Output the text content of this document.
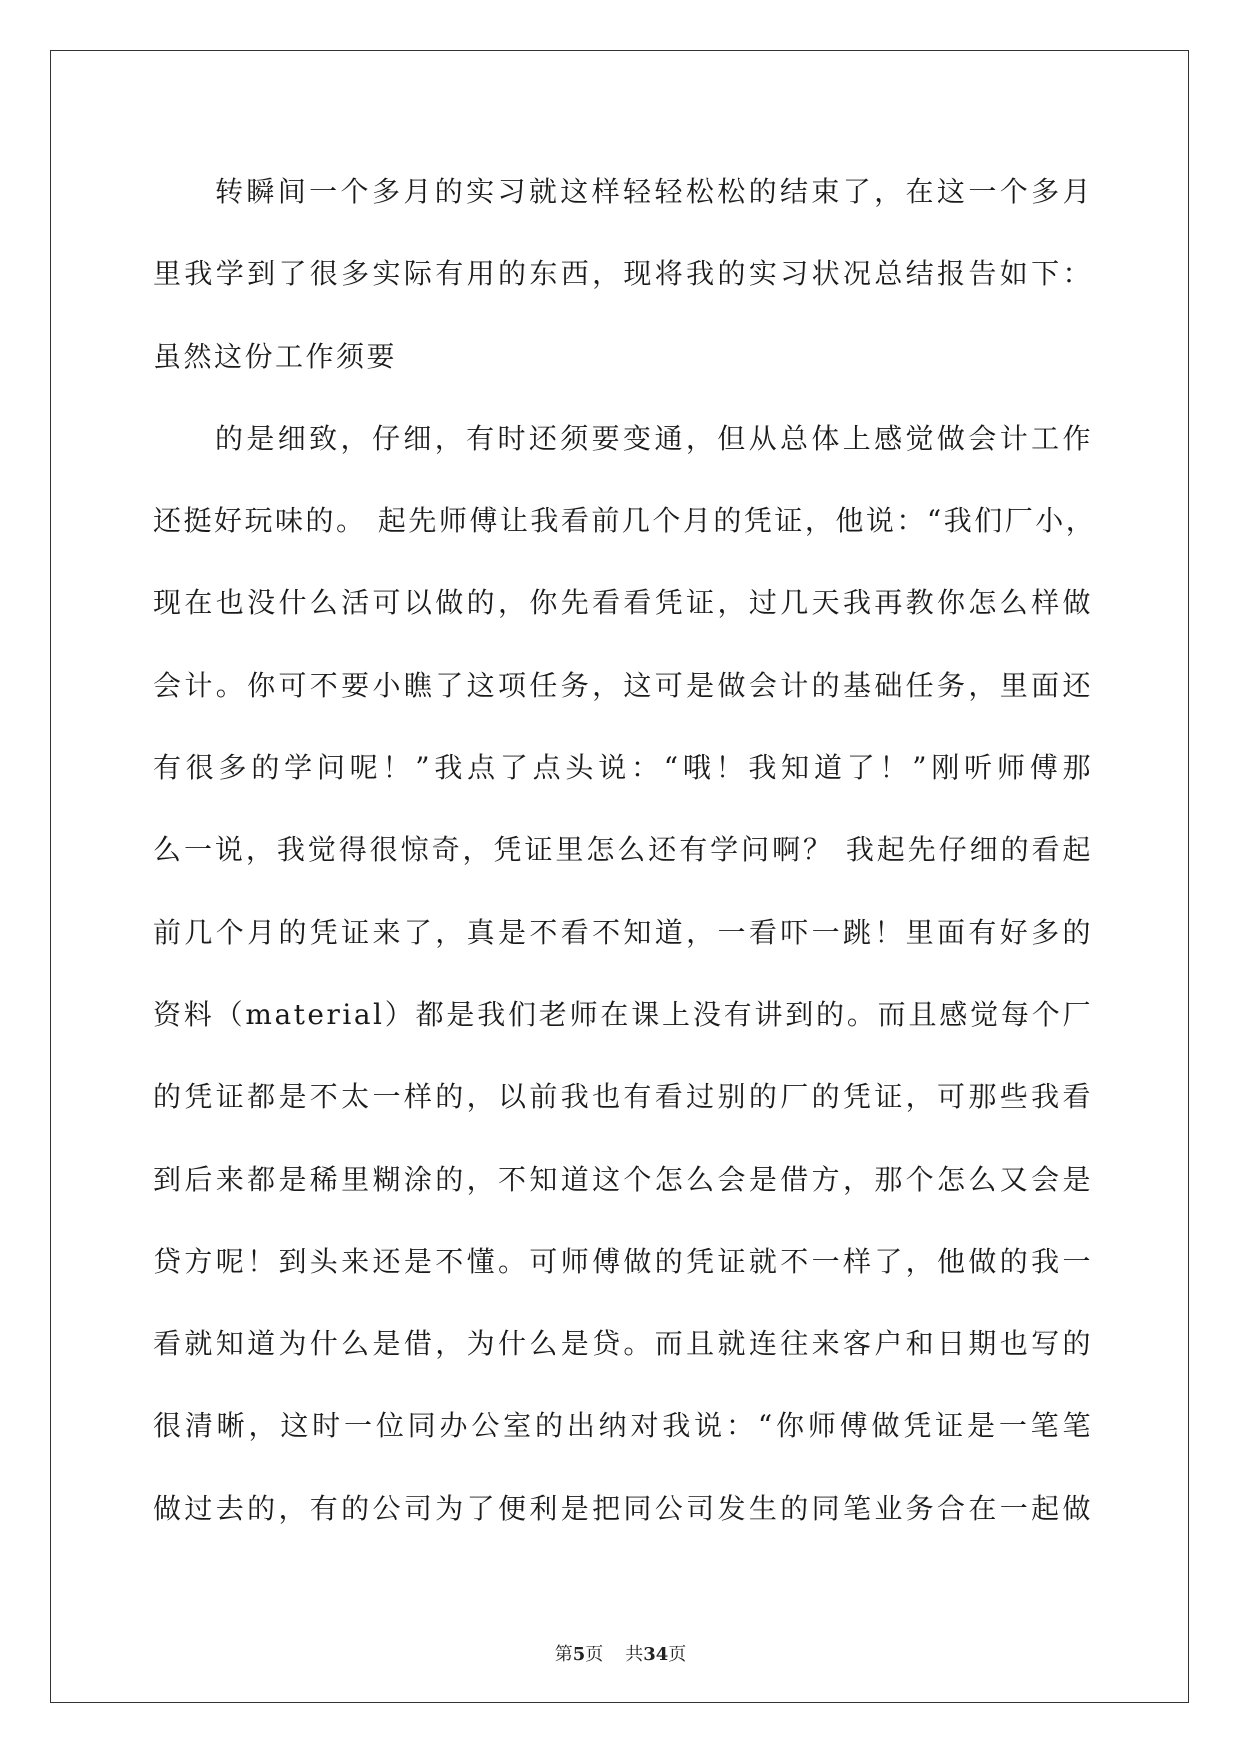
转瞬间一个多月的实习就这样轻轻松松的结束了，在这一个多月
里我学到了很多实际有用的东西，现将我的实习状况总结报告如下：
虽然这份工作须要
的是细致，仔细，有时还须要变通，但从总体上感觉做会计工作
还挺好玩味的。 起先师傅让我看前几个月的凭证，他说：“我们厂小，
现在也没什么活可以做的，你先看看凭证，过几天我再教你怎么样做
会计。你可不要小瞧了这项任务，这可是做会计的基础任务，里面还
有很多的学问呢！”我点了点头说：“哦！我知道了！”刚听师傅那
么一说，我觉得很惊奇，凭证里怎么还有学问啊？ 我起先仔细的看起
前几个月的凭证来了，真是不看不知道，一看吓一跳！里面有好多的
资料（material）都是我们老师在课上没有讲到的。而且感觉每个厂
的凭证都是不太一样的，以前我也有看过别的厂的凭证，可那些我看
到后来都是稀里糊涂的，不知道这个怎么会是借方，那个怎么又会是
贷方呢！到头来还是不懂。可师傅做的凭证就不一样了，他做的我一
看就知道为什么是借，为什么是贷。而且就连往来客户和日期也写的
很清晰，这时一位同办公室的出纳对我说：“你师傅做凭证是一笔笔
做过去的，有的公司为了便利是把同公司发生的同笔业务合在一起做
第5页 共34页
